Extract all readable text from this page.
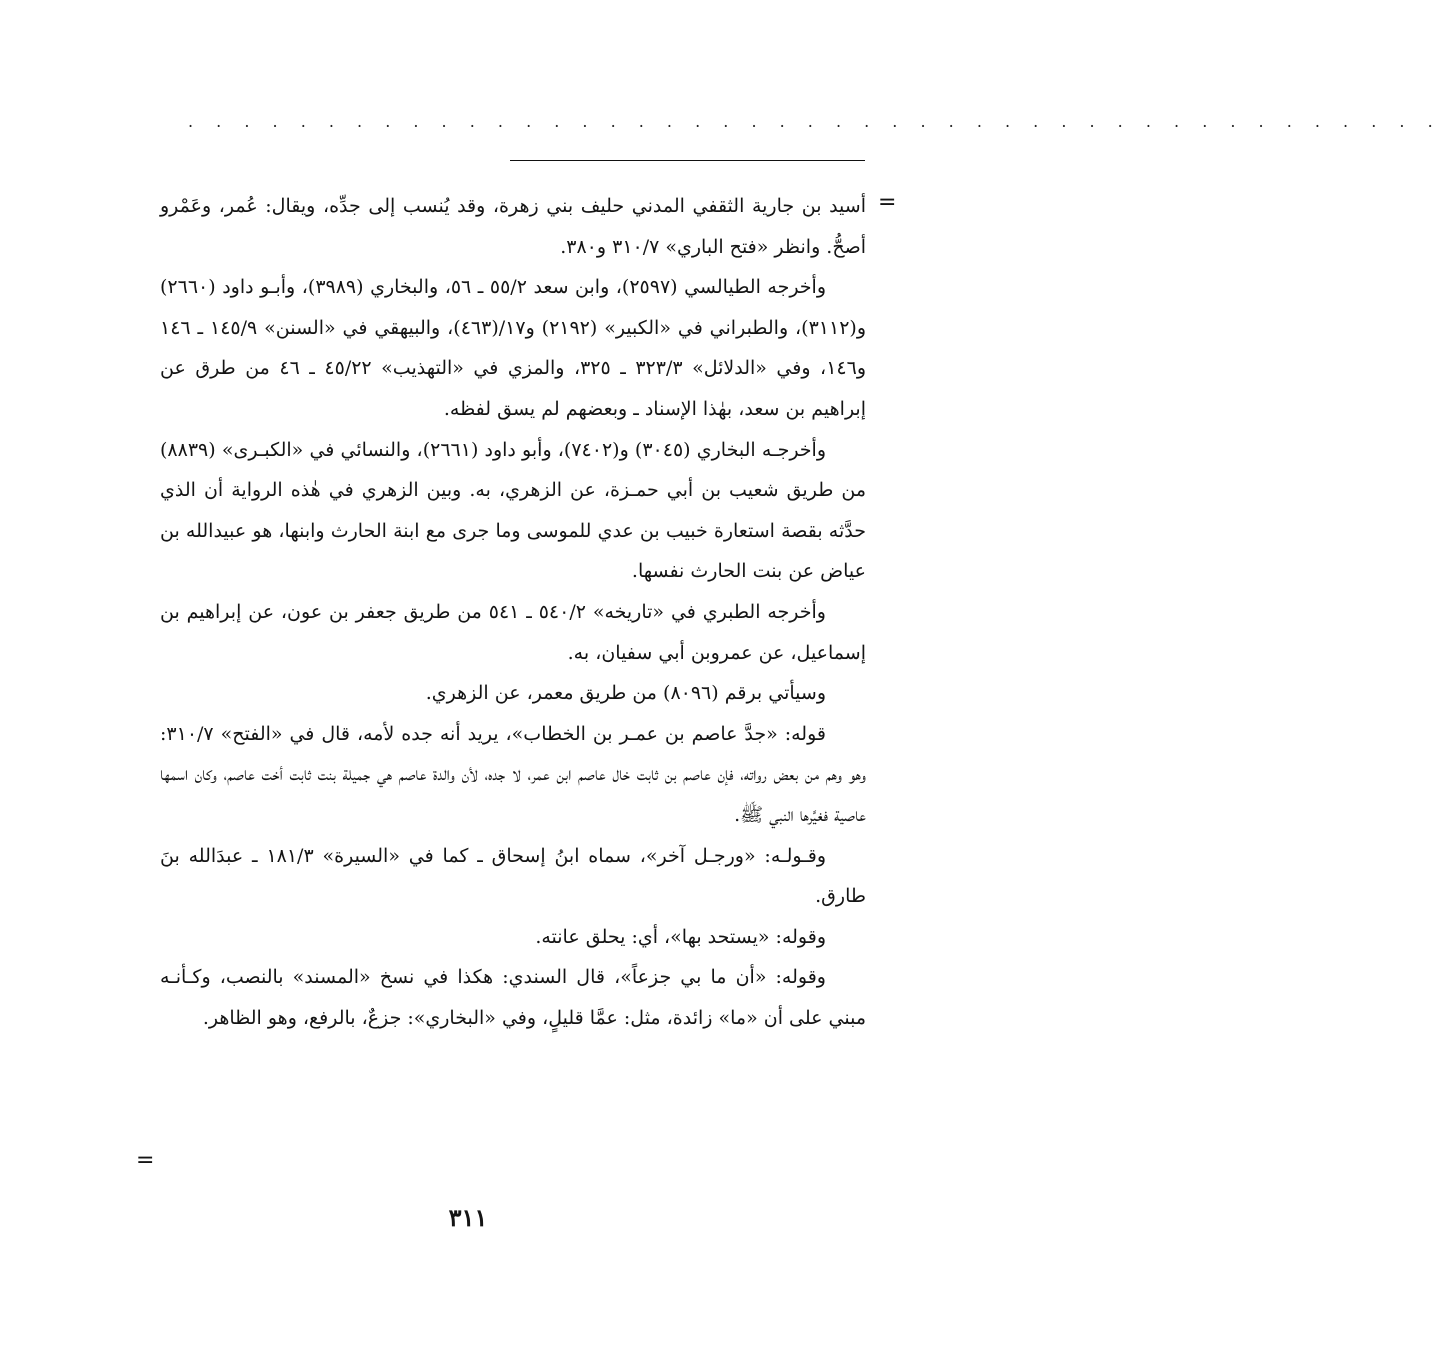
. . . . . . . . . . . . . . . . . . . . . . . . . . . . . . . . . . . . . . . . . . . . .
=

أسيد بن جارية الثقفي المدني حليف بني زهرة، وقد يُنسب إلى جدِّه، ويقال: عُمر، وعَمْرو أصحُّ. وانظر «فتح الباري» ٣١٠/٧ و٣٨٠.

وأخرجه الطيالسي (٢٥٩٧)، وابن سعد ٥٥/٢ ـ ٥٦، والبخاري (٣٩٨٩)، وأبـو داود (٢٦٦٠) و(٣١١٢)، والطبراني في «الكبير» (٢١٩٢) و١٧/(٤٦٣)، والبيهقي في «السنن» ١٤٥/٩ ـ ١٤٦ و١٤٦، وفي «الدلائل» ٣٢٣/٣ ـ ٣٢٥، والمزي في «التهذيب» ٤٥/٢٢ ـ ٤٦ من طرق عن إبراهيم بن سعد، بهٰذا الإسناد ـ وبعضهم لم يسق لفظه.

وأخرجـه البخاري (٣٠٤٥) و(٧٤٠٢)، وأبو داود (٢٦٦١)، والنسائي في «الكبـرى» (٨٨٣٩) من طريق شعيب بن أبي حمـزة، عن الزهري، به. وبين الزهري في هٰذه الرواية أن الذي حدَّثه بقصة استعارة خبيب بن عدي للموسى وما جرى مع ابنة الحارث وابنها، هو عبيدالله بن عياض عن بنت الحارث نفسها.

وأخرجه الطبري في «تاريخه» ٥٤٠/٢ ـ ٥٤١ من طريق جعفر بن عون، عن إبراهيم بن إسماعيل، عن عمروبن أبي سفيان، به.

وسيأتي برقم (٨٠٩٦) من طريق معمر، عن الزهري.

قوله: «جدَّ عاصم بن عمـر بن الخطاب»، يريد أنه جده لأمه، قال في «الفتح» ٣١٠/٧: وهو وهم من بعض رواته، فإن عاصم بن ثابت خال عاصم ابن عمر، لا جده، لأن والدة عاصم هي جميلة بنت ثابت أخت عاصم، وكان اسمها عاصية فغيَّرها النبي ﷺ.

وقـولـه: «ورجـل آخر»، سماه ابنُ إسحاق ـ كما في «السيرة» ١٨١/٣ ـ عبدَالله بنَ طارق.

وقوله: «يستحد بها»، أي: يحلق عانته.

وقوله: «أن ما بي جزعاً»، قال السندي: هكذا في نسخ «المسند» بالنصب، وكـأنـه مبني على أن «ما» زائدة، مثل: عمَّا قليلٍ، وفي «البخاري»: جزعٌ، بالرفع، وهو الظاهر.

=
٣١١
